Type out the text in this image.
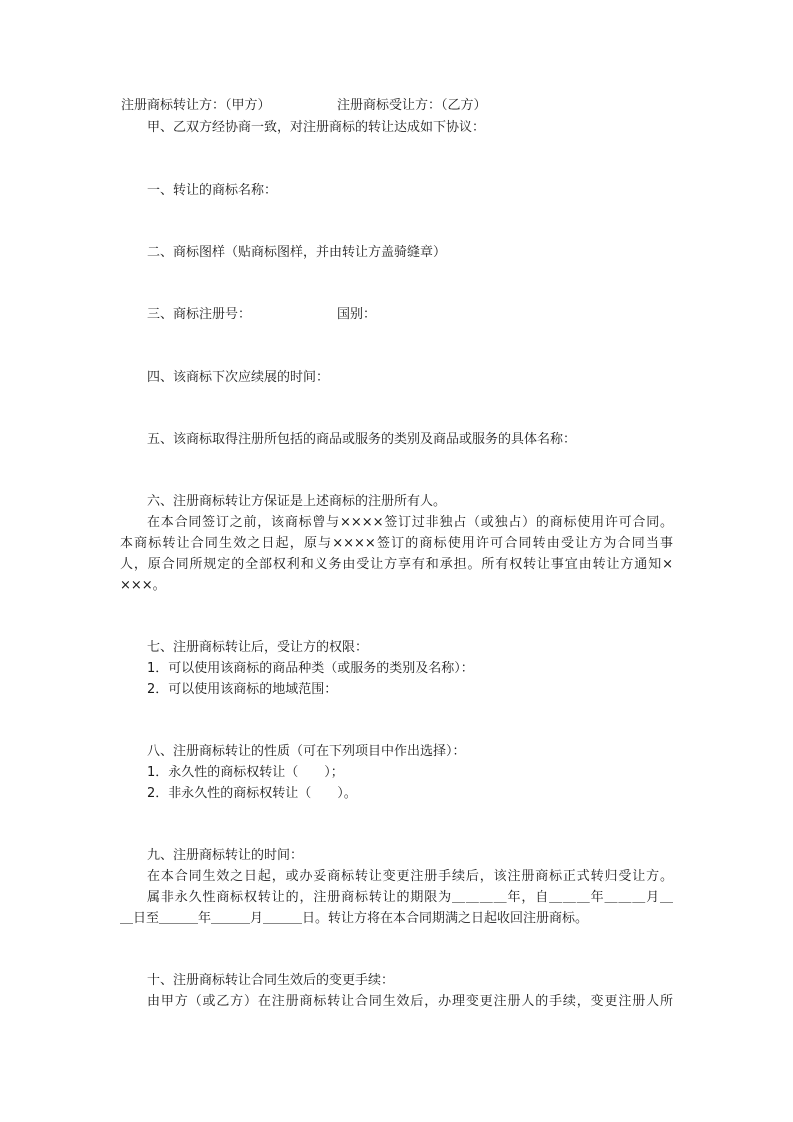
注册商标转让方：（甲方）	注册商标受让方：（乙方）
甲、乙双方经协商一致，对注册商标的转让达成如下协议：
一、转让的商标名称：
二、商标图样（贴商标图样，并由转让方盖骑缝章）
三、商标注册号：	国别：
四、该商标下次应续展的时间：
五、该商标取得注册所包括的商品或服务的类别及商品或服务的具体名称：
六、注册商标转让方保证是上述商标的注册所有人。
在本合同签订之前，该商标曾与××××签订过非独占（或独占）的商标使用许可合同。
本商标转让合同生效之日起，原与××××签订的商标使用许可合同转由受让方为合同当事
人，原合同所规定的全部权利和义务由受让方享有和承担。所有权转让事宜由转让方通知×
×××。
七、注册商标转让后，受让方的权限：
1．可以使用该商标的商品种类（或服务的类别及名称）：
2．可以使用该商标的地域范围：
八、注册商标转让的性质（可在下列项目中作出选择）：
1．永久性的商标权转让（　　）；
2．非永久性的商标权转让（　　）。
九、注册商标转让的时间：
在本合同生效之日起，或办妥商标转让变更注册手续后，该注册商标正式转归受让方。
属非永久性商标权转让的，注册商标转让的期限为＿＿＿＿年，自＿＿＿年＿＿＿月＿
＿日至＿＿＿年＿＿＿月＿＿＿日。转让方将在本合同期满之日起收回注册商标。
十、注册商标转让合同生效后的变更手续：
由甲方（或乙方）在注册商标转让合同生效后，办理变更注册人的手续，变更注册人所
